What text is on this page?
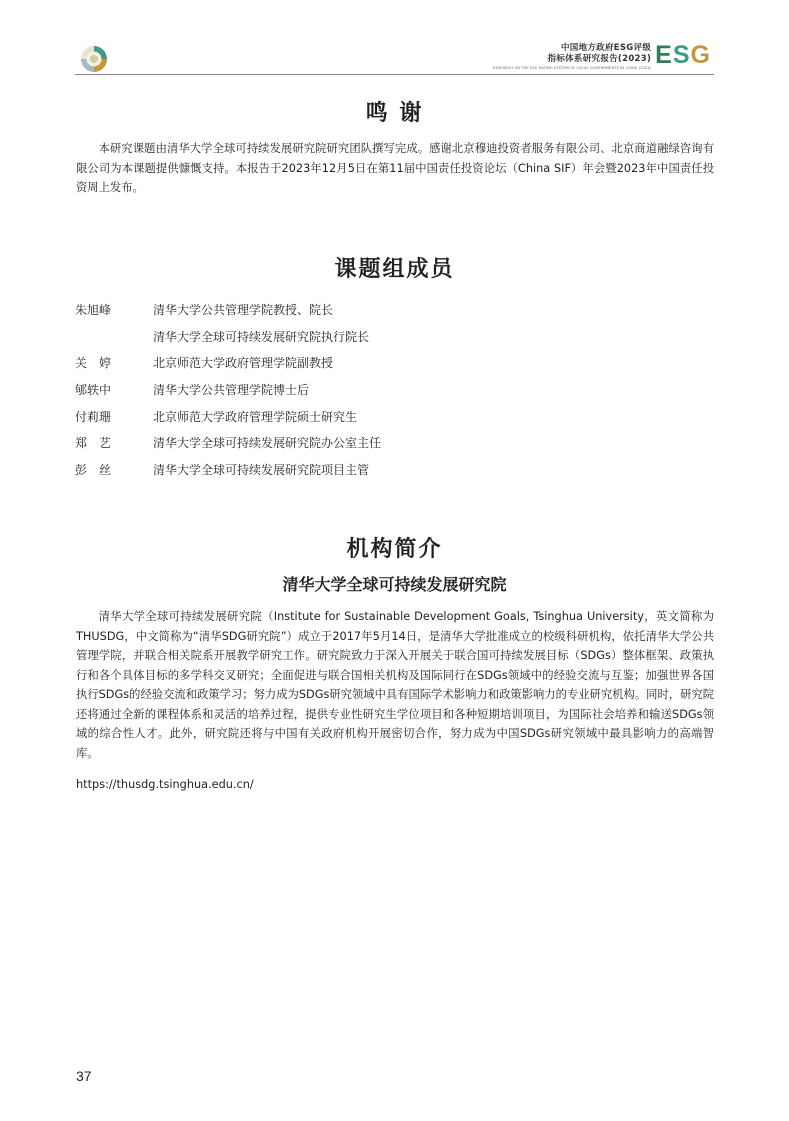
中国地方政府ESG评级
指标体系研究报告(2023)
RESEARCH ON THE ESG RATING SYSTEM OF LOCAL GOVERNMENTS IN CHINA (2023) ESG
鸣 谢
本研究课题由清华大学全球可持续发展研究院研究团队撰写完成。感谢北京穆迪投资者服务有限公司、北京商道融绿咨询有限公司为本课题提供慷慨支持。本报告于2023年12月5日在第11届中国责任投资论坛（China SIF）年会暨2023年中国责任投资周上发布。
课题组成员
朱旭峰	清华大学公共管理学院教授、院长
清华大学全球可持续发展研究院执行院长
关　婷	北京师范大学政府管理学院副教授
郇轶中	清华大学公共管理学院博士后
付莉珊	北京师范大学政府管理学院硕士研究生
郑　艺	清华大学全球可持续发展研究院办公室主任
彭　丝	清华大学全球可持续发展研究院项目主管
机构简介
清华大学全球可持续发展研究院
清华大学全球可持续发展研究院（Institute for Sustainable Development Goals, Tsinghua University，英文简称为THUSDG，中文简称为“清华SDG研究院”）成立于2017年5月14日，是清华大学批准成立的校级科研机构，依托清华大学公共管理学院，并联合相关院系开展教学研究工作。研究院致力于深入开展关于联合国可持续发展目标（SDGs）整体框架、政策执行和各个具体目标的多学科交叉研究；全面促进与联合国相关机构及国际同行在SDGs领域中的经验交流与互鉴；加强世界各国执行SDGs的经验交流和政策学习；努力成为SDGs研究领域中具有国际学术影响力和政策影响力的专业研究机构。同时，研究院还将通过全新的课程体系和灵活的培养过程，提供专业性研究生学位项目和各种短期培训项目，为国际社会培养和输送SDGs领域的综合性人才。此外，研究院还将与中国有关政府机构开展密切合作，努力成为中国SDGs研究领域中最具影响力的高端智库。
https://thusdg.tsinghua.edu.cn/
37
